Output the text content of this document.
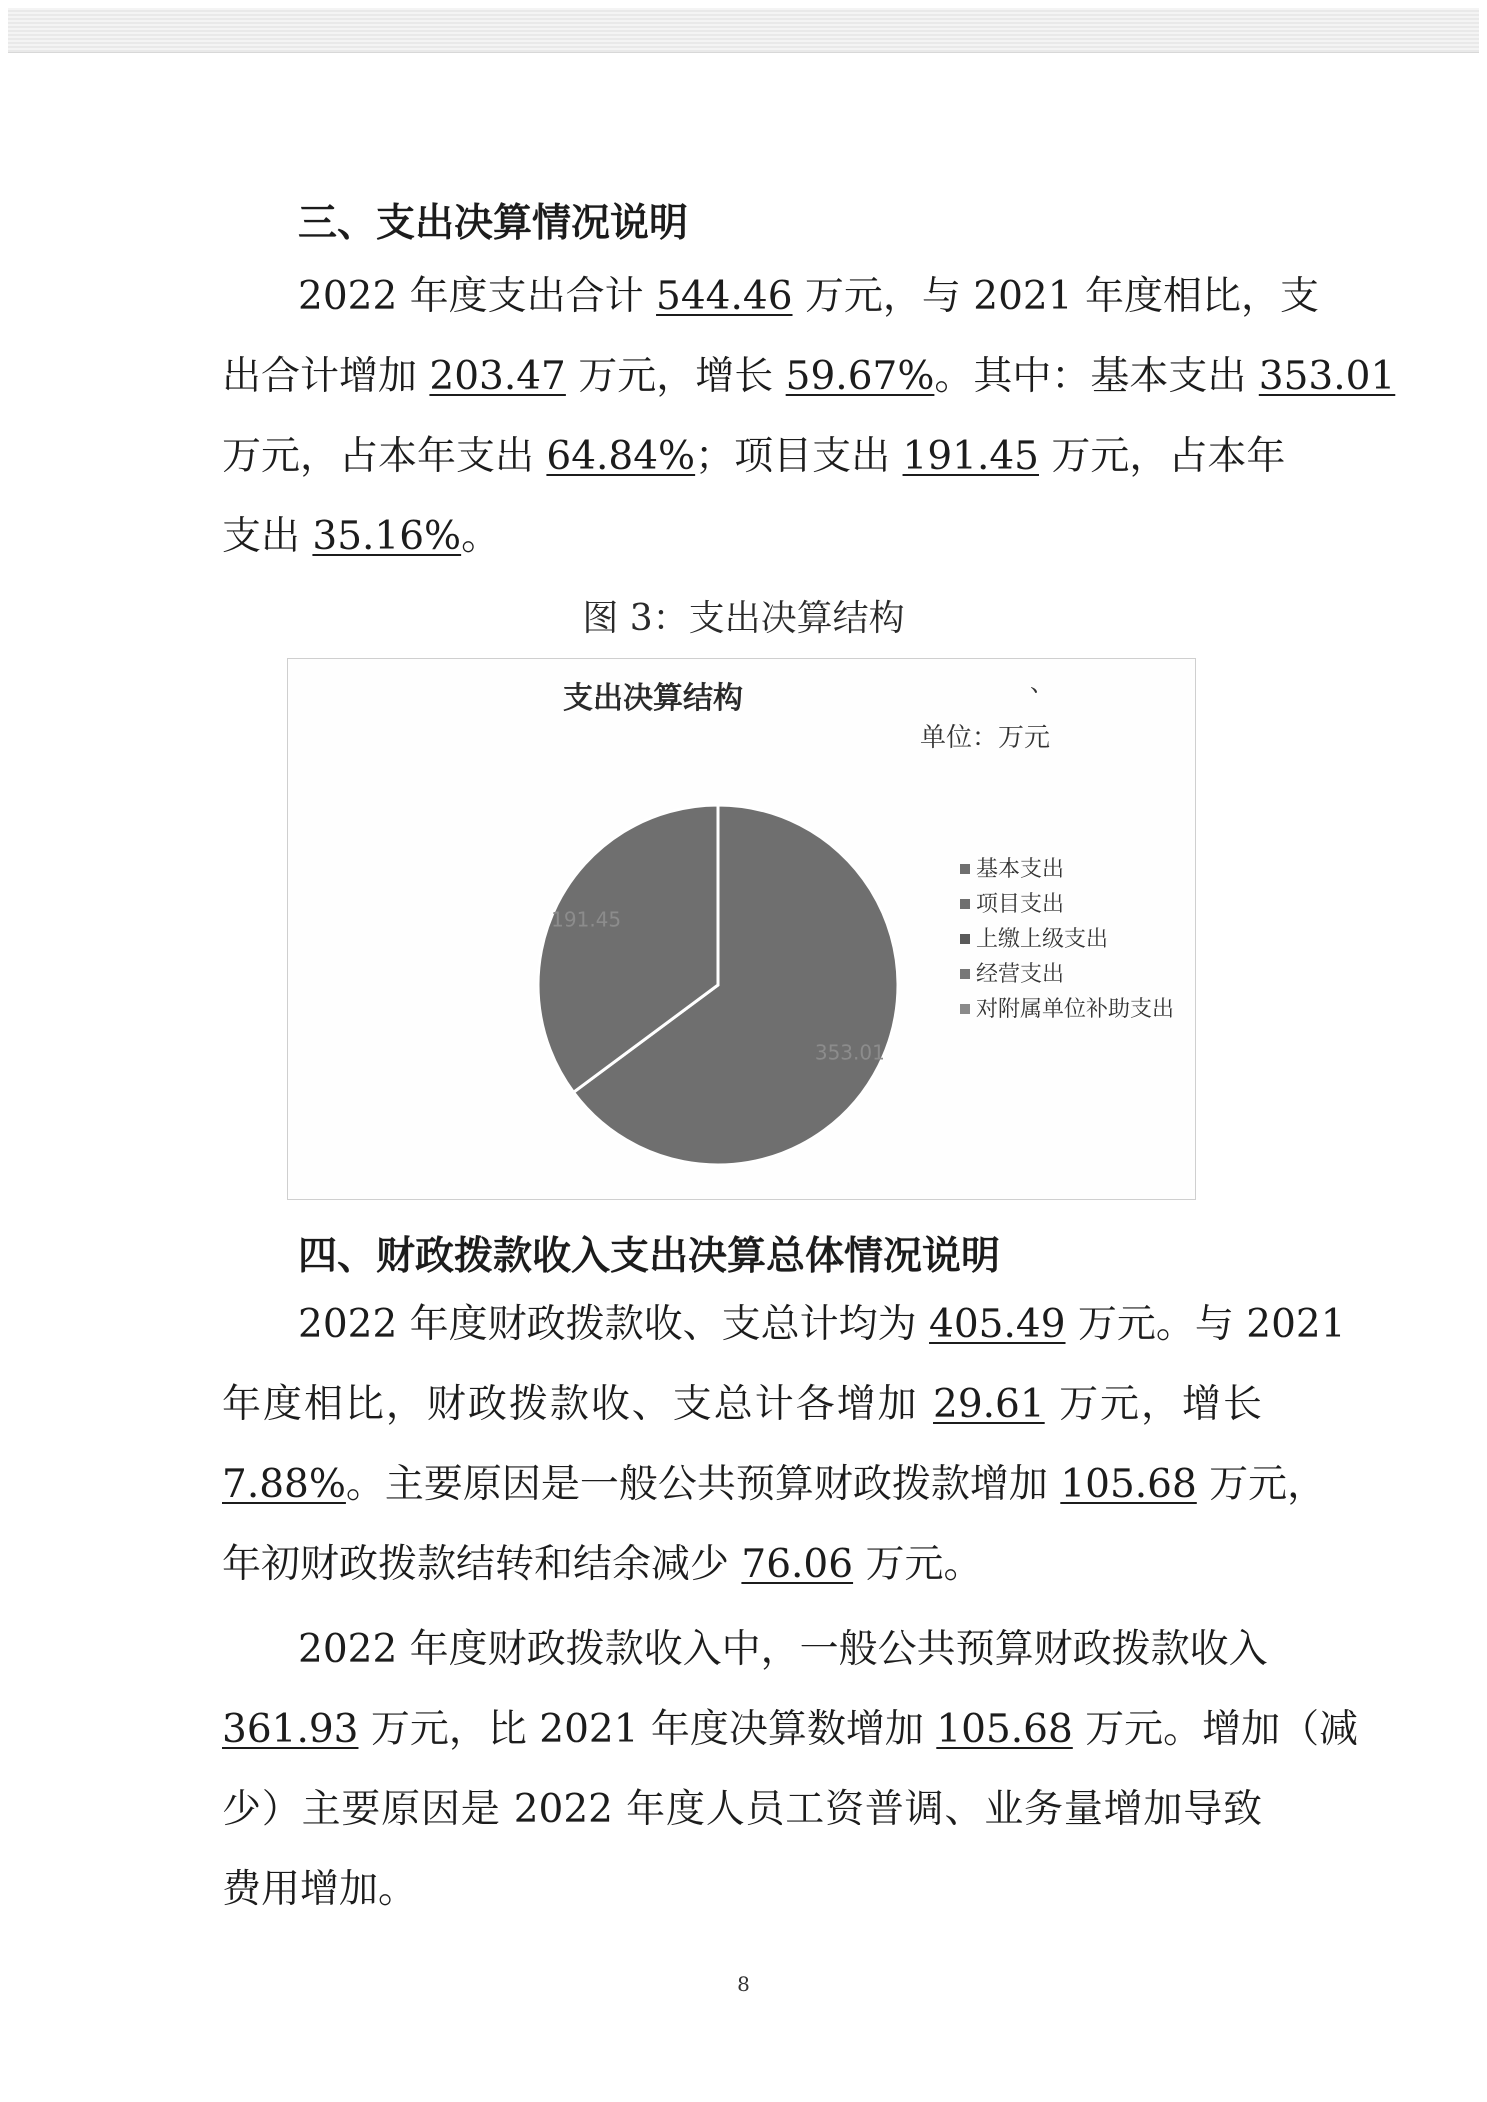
三、支出决算情况说明
2022 年度支出合计 544.46 万元，与 2021 年度相比，支
出合计增加 203.47 万元，增长 59.67%。其中：基本支出 353.01
万元，占本年支出 64.84%；项目支出 191.45 万元，占本年
支出 35.16%。
图 3：支出决算结构
支出决算结构	、
单位：万元
353.01
191.45
基本支出
项目支出
上缴上级支出
经营支出
对附属单位补助支出
四、财政拨款收入支出决算总体情况说明
2022 年度财政拨款收、支总计均为 405.49 万元。与 2021
年度相比，财政拨款收、支总计各增加 29.61 万元，增长
7.88%。主要原因是一般公共预算财政拨款增加 105.68 万元，
年初财政拨款结转和结余减少 76.06 万元。
2022 年度财政拨款收入中，一般公共预算财政拨款收入
361.93 万元，比 2021 年度决算数增加 105.68 万元。增加（减
少）主要原因是 2022 年度人员工资普调、业务量增加导致
费用增加。
8
